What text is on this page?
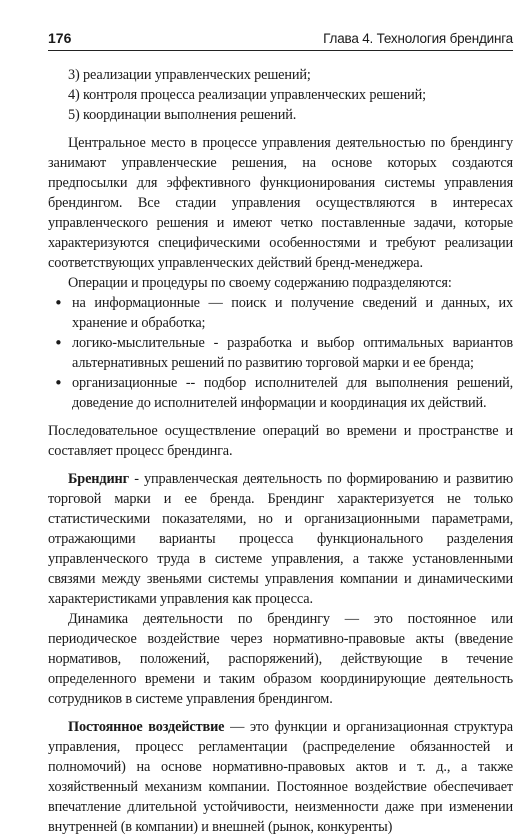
176	Глава 4. Технология брендинга

3) реализации управленческих решений;

4) контроля процесса реализации управленческих решений;

5) координации выполнения решений.

Центральное место в процессе управления деятельностью по брендингу занимают управленческие решения, на основе которых создаются предпосылки для эффективного функционирования системы управления брендингом. Все стадии управления осуществляются в интересах управленческого решения и имеют четко поставленные задачи, которые характеризуются специфическими особенностями и требуют реализации соответствующих управленческих действий бренд-менеджера.

Операции и процедуры по своему содержанию подразделяются:

• на информационные — поиск и получение сведений и данных, их хранение и обработка;
• логико-мыслительные - разработка и выбор оптимальных вариантов альтернативных решений по развитию торговой марки и ее бренда;
• организационные -- подбор исполнителей для выполнения решений, доведение до исполнителей информации и координация их действий.

Последовательное осуществление операций во времени и пространстве и составляет процесс брендинга.

Брендинг - управленческая деятельность по формированию и развитию торговой марки и ее бренда. Брендинг характеризуется не только статистическими показателями, но и организационными параметрами, отражающими варианты процесса функционального разделения управленческого труда в системе управления, а также установленными связями между звеньями системы управления компании и динамическими характеристиками управления как процесса.

Динамика деятельности по брендингу — это постоянное или периодическое воздействие через нормативно-правовые акты (введение нормативов, положений, распоряжений), действующие в течение определенного времени и таким образом координирующие деятельность сотрудников в системе управления брендингом.

Постоянное воздействие — это функции и организационная структура управления, процесс регламентации (распределение обязанностей и полномочий) на основе нормативно-правовых актов и т. д., а также хозяйственный механизм компании. Постоянное воздействие обеспечивает впечатление длительной устойчивости, неизменности даже при изменении внутренней (в компании) и внешней (рынок, конкуренты)
